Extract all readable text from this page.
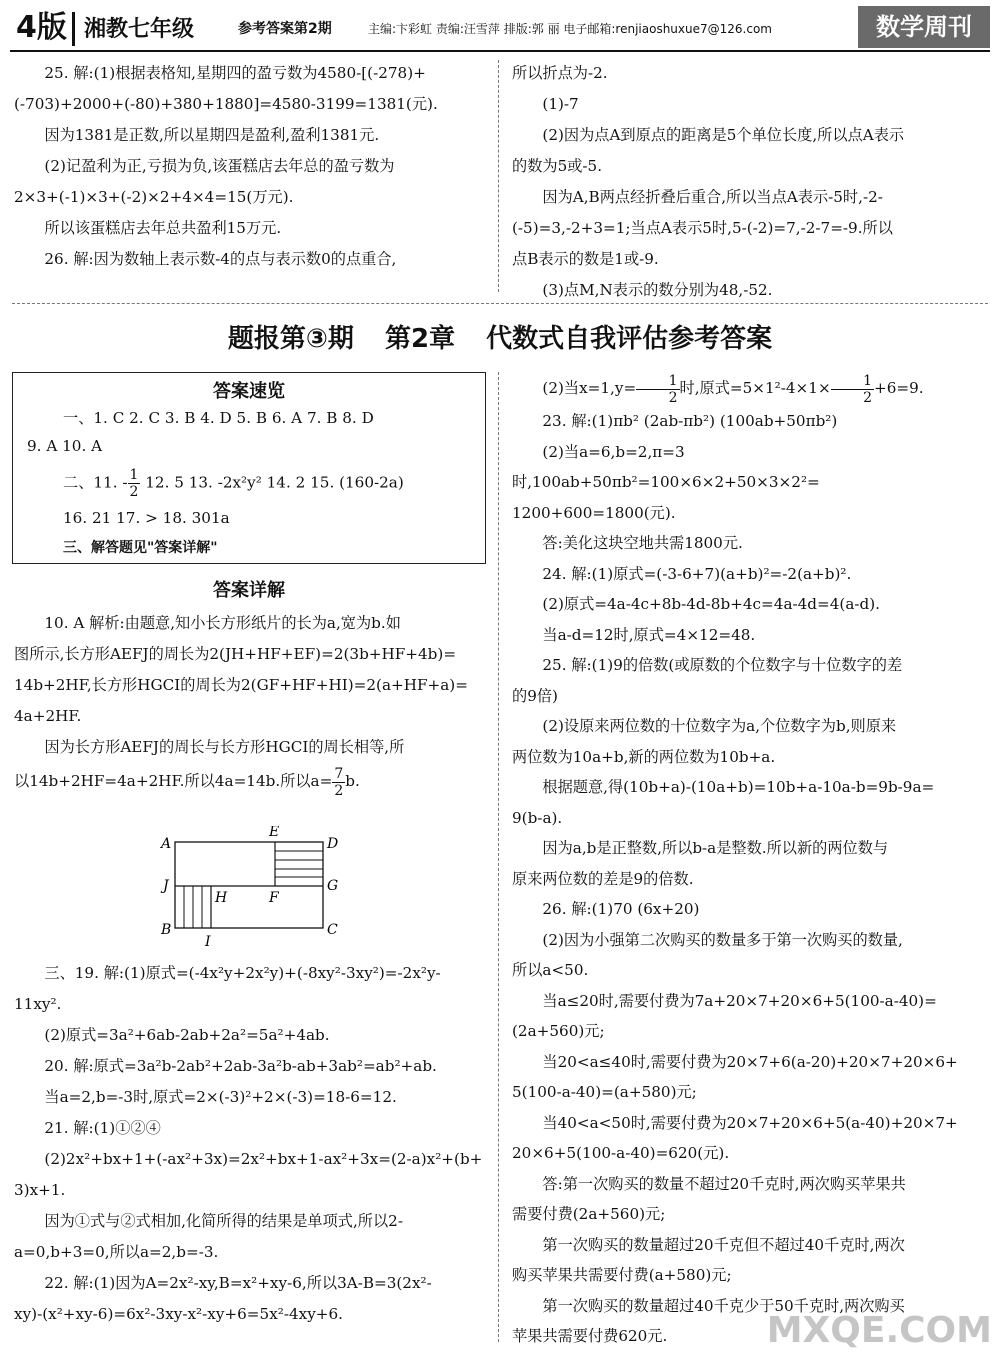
4版 湘教七年级	参考答案第2期	主编:卞彩虹 责编:汪雪萍 排版:郭 丽 电子邮箱:renjiaoshuxue7@126.com	数学周刊

25. 解:(1)根据表格知,星期四的盈亏数为4580-[(-278)+

(-703)+2000+(-80)+380+1880]=4580-3199=1381(元).

因为1381是正数,所以星期四是盈利,盈利1381元.

(2)记盈利为正,亏损为负,该蛋糕店去年总的盈亏数为

2×3+(-1)×3+(-2)×2+4×4=15(万元).

所以该蛋糕店去年总共盈利15万元.

26. 解:因为数轴上表示数-4的点与表示数0的点重合,

所以折点为-2.

(1)-7

(2)因为点A到原点的距离是5个单位长度,所以点A表示

的数为5或-5.

因为A,B两点经折叠后重合,所以当点A表示-5时,-2-

(-5)=3,-2+3=1;当点A表示5时,5-(-2)=7,-2-7=-9.所以

点B表示的数是1或-9.

(3)点M,N表示的数分别为48,-52.

题报第③期 第2章 代数式自我评估参考答案
答案速览
一、1. C 2. C 3. B 4. D 5. B 6. A 7. B 8. D
9. A 10. A
二、11. - $\frac{1}{2} 12$. 5 13. -2x²y² 14. 2 15. (160-2a)
16. 21 17. > 18. 301a
三、解答题见"答案详解"
答案详解

10. A 解析:由题意,知小长方形纸片的长为a,宽为b.如

图所示,长方形AEFJ的周长为2(JH+HF+EF)=2(3b+HF+4b)=

14b+2HF,长方形HGCI的周长为2(GF+HF+HI)=2(a+HF+a)=

4a+2HF.

因为长方形AEFJ的周长与长方形HGCI的周长相等,所

以14b+2HF=4a+2HF.所以4a=14b.所以$a= \frac{7}{2} b$.

A
E
D
J	G
H	F
B
I
C

三、19. 解:(1)原式=(-4x²y+2x²y)+(-8xy²-3xy²)=-2x²y-

11xy².

(2)原式=3a²+6ab-2ab+2a²=5a²+4ab.

20. 解:原式=3a²b-2ab²+2ab-3a²b-ab+3ab²=ab²+ab.

当a=2,b=-3时,原式=2×(-3)²+2×(-3)=18-6=12.

21. 解:(1)①②④

(2)2x²+bx+1+(-ax²+3x)=2x²+bx+1-ax²+3x=(2-a)x²+(b+

3)x+1.

因为①式与②式相加,化简所得的结果是单项式,所以2-

a=0,b+3=0,所以a=2,b=-3.

22. 解:(1)因为A=2x²-xy,B=x²+xy-6,所以3A-B=3(2x²-

xy)-(x²+xy-6)=6x²-3xy-x²-xy+6=5x²-4xy+6.

(2)当$x=1,y= \frac{1}{2}$ 时,原式$=5\times 1^2-4\times 1\times \frac{1}{2} +6=9$.

23. 解:(1)πb² (2ab-πb²) (100ab+50πb²)

(2)当a=6,b=2,π=3时,100ab+50πb²=100×6×2+50×3×2²=

1200+600=1800(元).

答:美化这块空地共需1800元.

24. 解:(1)原式=(-3-6+7)(a+b)²=-2(a+b)².

(2)原式=4a-4c+8b-4d-8b+4c=4a-4d=4(a-d).

当a-d=12时,原式=4×12=48.

25. 解:(1)9的倍数(或原数的个位数字与十位数字的差

的9倍)

(2)设原来两位数的十位数字为a,个位数字为b,则原来

两位数为10a+b,新的两位数为10b+a.

根据题意,得(10b+a)-(10a+b)=10b+a-10a-b=9b-9a=

9(b-a).

因为a,b是正整数,所以b-a是整数.所以新的两位数与

原来两位数的差是9的倍数.

26. 解:(1)70 (6x+20)

(2)因为小强第二次购买的数量多于第一次购买的数量,

所以a<50.

当a≤20时,需要付费为7a+20×7+20×6+5(100-a-40)=

(2a+560)元;

当20<a≤40时,需要付费为20×7+6(a-20)+20×7+20×6+

5(100-a-40)=(a+580)元;

当40<a<50时,需要付费为20×7+20×6+5(a-40)+20×7+

20×6+5(100-a-40)=620(元).

答:第一次购买的数量不超过20千克时,两次购买苹果共

需要付费(2a+560)元;

第一次购买的数量超过20千克但不超过40千克时,两次

购买苹果共需要付费(a+580)元;

第一次购买的数量超过40千克少于50千克时,两次购买

苹果共需要付费620元.	MXQE.COM
